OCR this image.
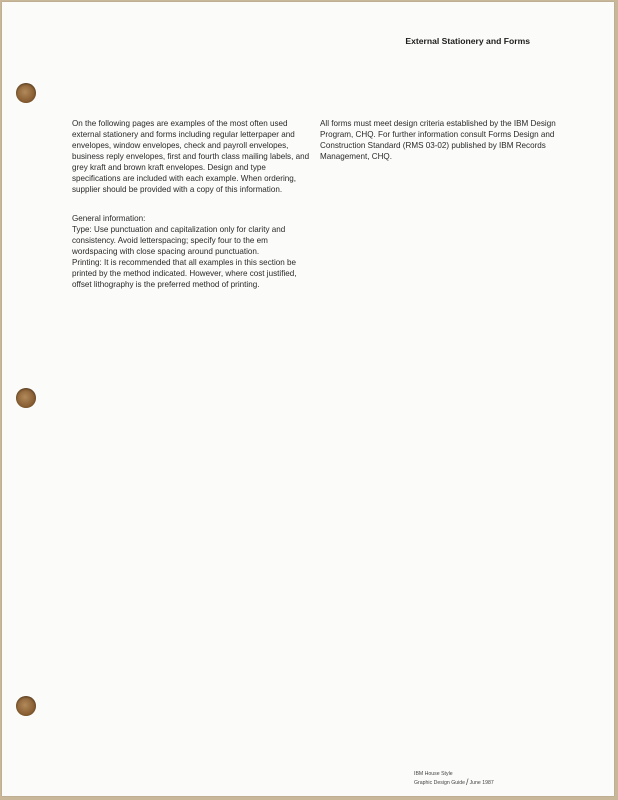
External Stationery and Forms

On the following pages are examples of the most often used external stationery and forms including regular letterpaper and envelopes, window envelopes, check and payroll envelopes, business reply envelopes, first and fourth class mailing labels, and grey kraft and brown kraft envelopes. Design and type specifications are included with each example. When ordering, supplier should be provided with a copy of this information.

General information:

Type: Use punctuation and capitalization only for clarity and consistency. Avoid letterspacing; specify four to the em wordspacing with close spacing around punctuation.

Printing: It is recommended that all examples in this section be printed by the method indicated. However, where cost justified, offset lithography is the preferred method of printing.

All forms must meet design criteria established by the IBM Design Program, CHQ. For further information consult Forms Design and Construction Standard (RMS 03-02) published by IBM Records Management, CHQ.

IBM House Style
Graphic Design Guide/June 1987
